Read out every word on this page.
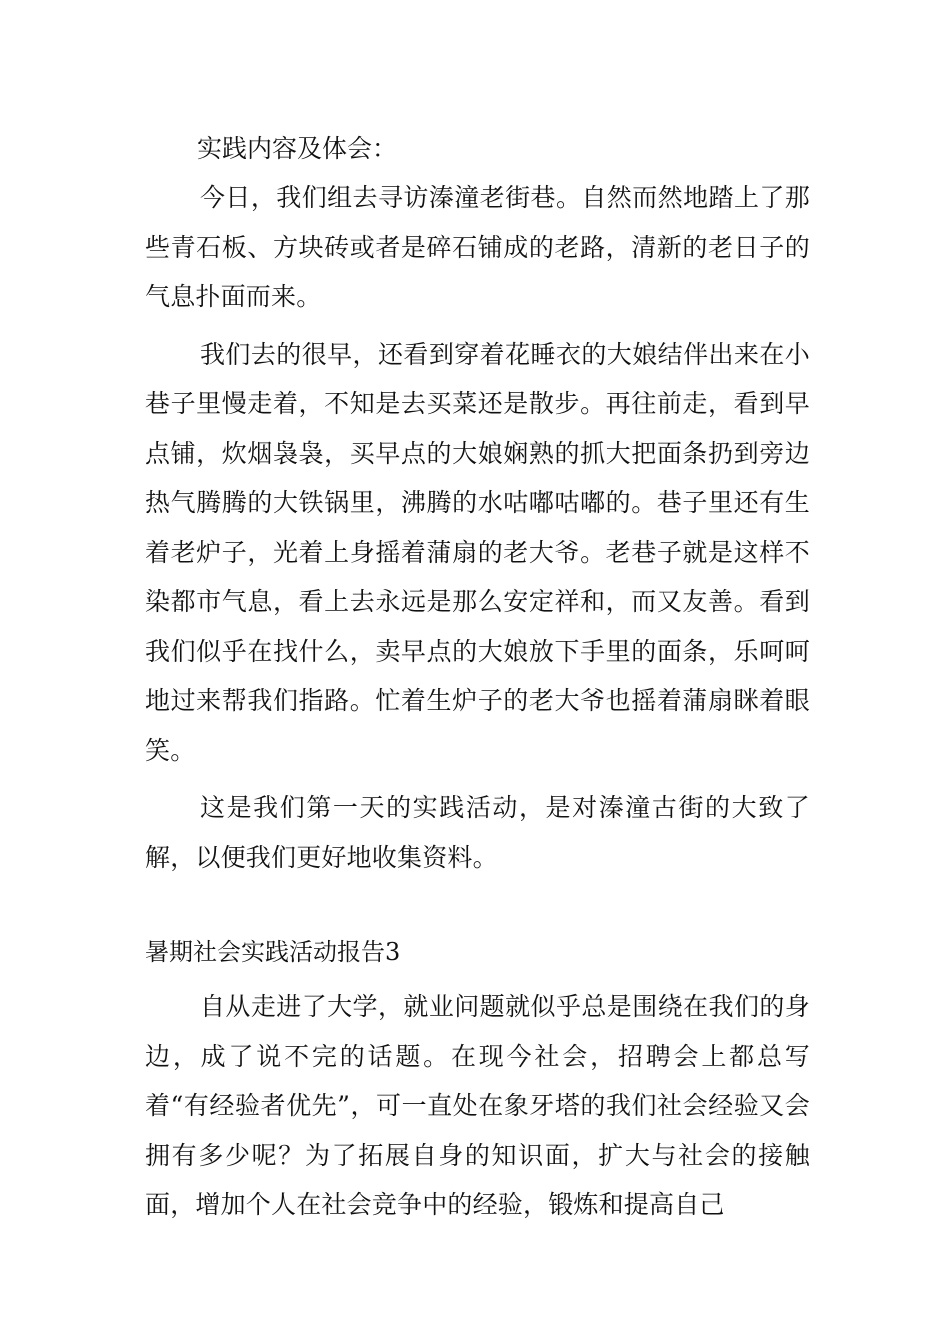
实践内容及体会：

今日，我们组去寻访溱潼老街巷。自然而然地踏上了那些青石板、方块砖或者是碎石铺成的老路，清新的老日子的气息扑面而来。

我们去的很早，还看到穿着花睡衣的大娘结伴出来在小巷子里慢走着，不知是去买菜还是散步。再往前走，看到早点铺，炊烟袅袅，买早点的大娘娴熟的抓大把面条扔到旁边热气腾腾的大铁锅里，沸腾的水咕嘟咕嘟的。巷子里还有生着老炉子，光着上身摇着蒲扇的老大爷。老巷子就是这样不染都市气息，看上去永远是那么安定祥和，而又友善。看到我们似乎在找什么，卖早点的大娘放下手里的面条，乐呵呵地过来帮我们指路。忙着生炉子的老大爷也摇着蒲扇眯着眼笑。

这是我们第一天的实践活动，是对溱潼古街的大致了解，以便我们更好地收集资料。

暑期社会实践活动报告3

自从走进了大学，就业问题就似乎总是围绕在我们的身边，成了说不完的话题。在现今社会，招聘会上都总写着“有经验者优先”，可一直处在象牙塔的我们社会经验又会拥有多少呢？为了拓展自身的知识面，扩大与社会的接触面，增加个人在社会竞争中的经验，锻炼和提高自己
